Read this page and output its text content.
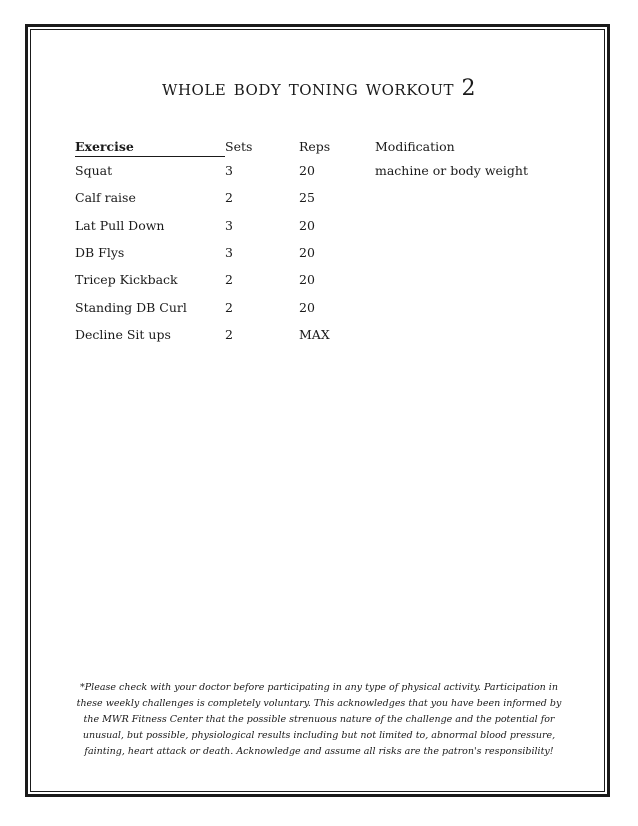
whole body toning workout 2
Exercise	Sets	Reps	Modification
Squat	3	20	machine or body weight
Calf raise	2	25	
Lat Pull Down	3	20	
DB Flys	3	20	
Tricep Kickback	2	20	
Standing DB Curl	2	20	
Decline Sit ups	2	MAX	

*Please check with your doctor before participating in any type of physical activity. Participation in these weekly challenges is completely voluntary. This acknowledges that you have been informed by the MWR Fitness Center that the possible strenuous nature of the challenge and the potential for unusual, but possible, physiological results including but not limited to, abnormal blood pressure, fainting, heart attack or death. Acknowledge and assume all risks are the patron's responsibility!
